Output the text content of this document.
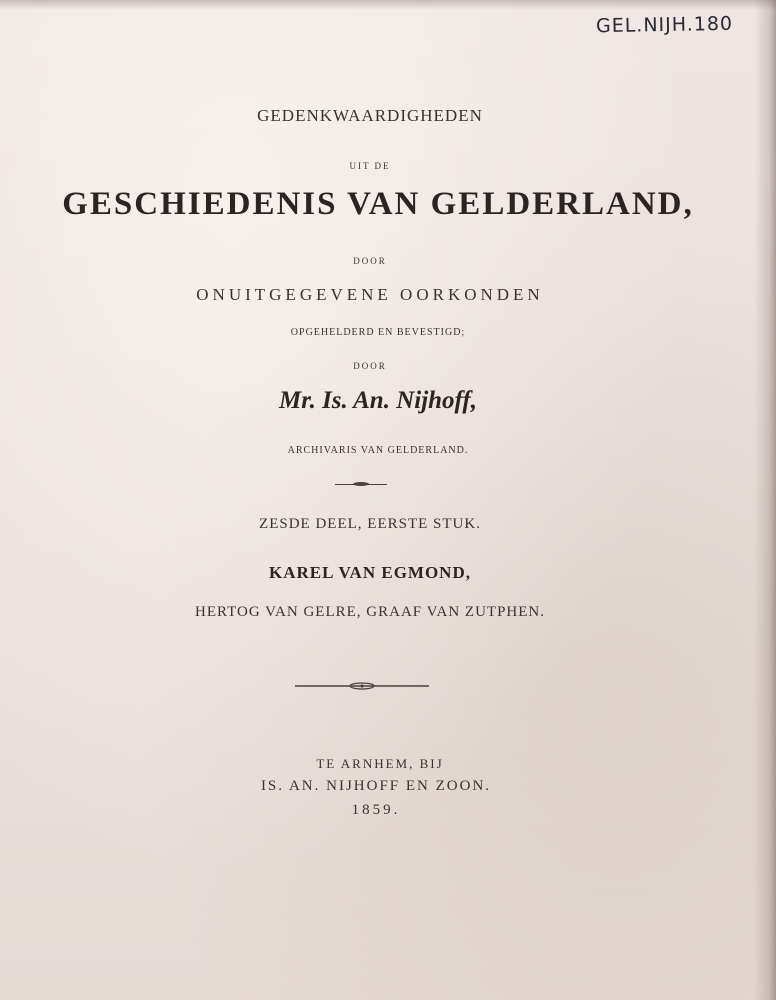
GEL.NIJH.180
GEDENKWAARDIGHEDEN
UIT DE
GESCHIEDENIS VAN GELDERLAND,
DOOR
ONUITGEGEVENE OORKONDEN
OPGEHELDERD EN BEVESTIGD;
DOOR
Mr. Is. An. Nijhoff,
ARCHIVARIS VAN GELDERLAND.
ZESDE DEEL, EERSTE STUK.
KAREL VAN EGMOND,
HERTOG VAN GELRE, GRAAF VAN ZUTPHEN.
TE ARNHEM, BIJ
IS. AN. NIJHOFF EN ZOON.
1859.
